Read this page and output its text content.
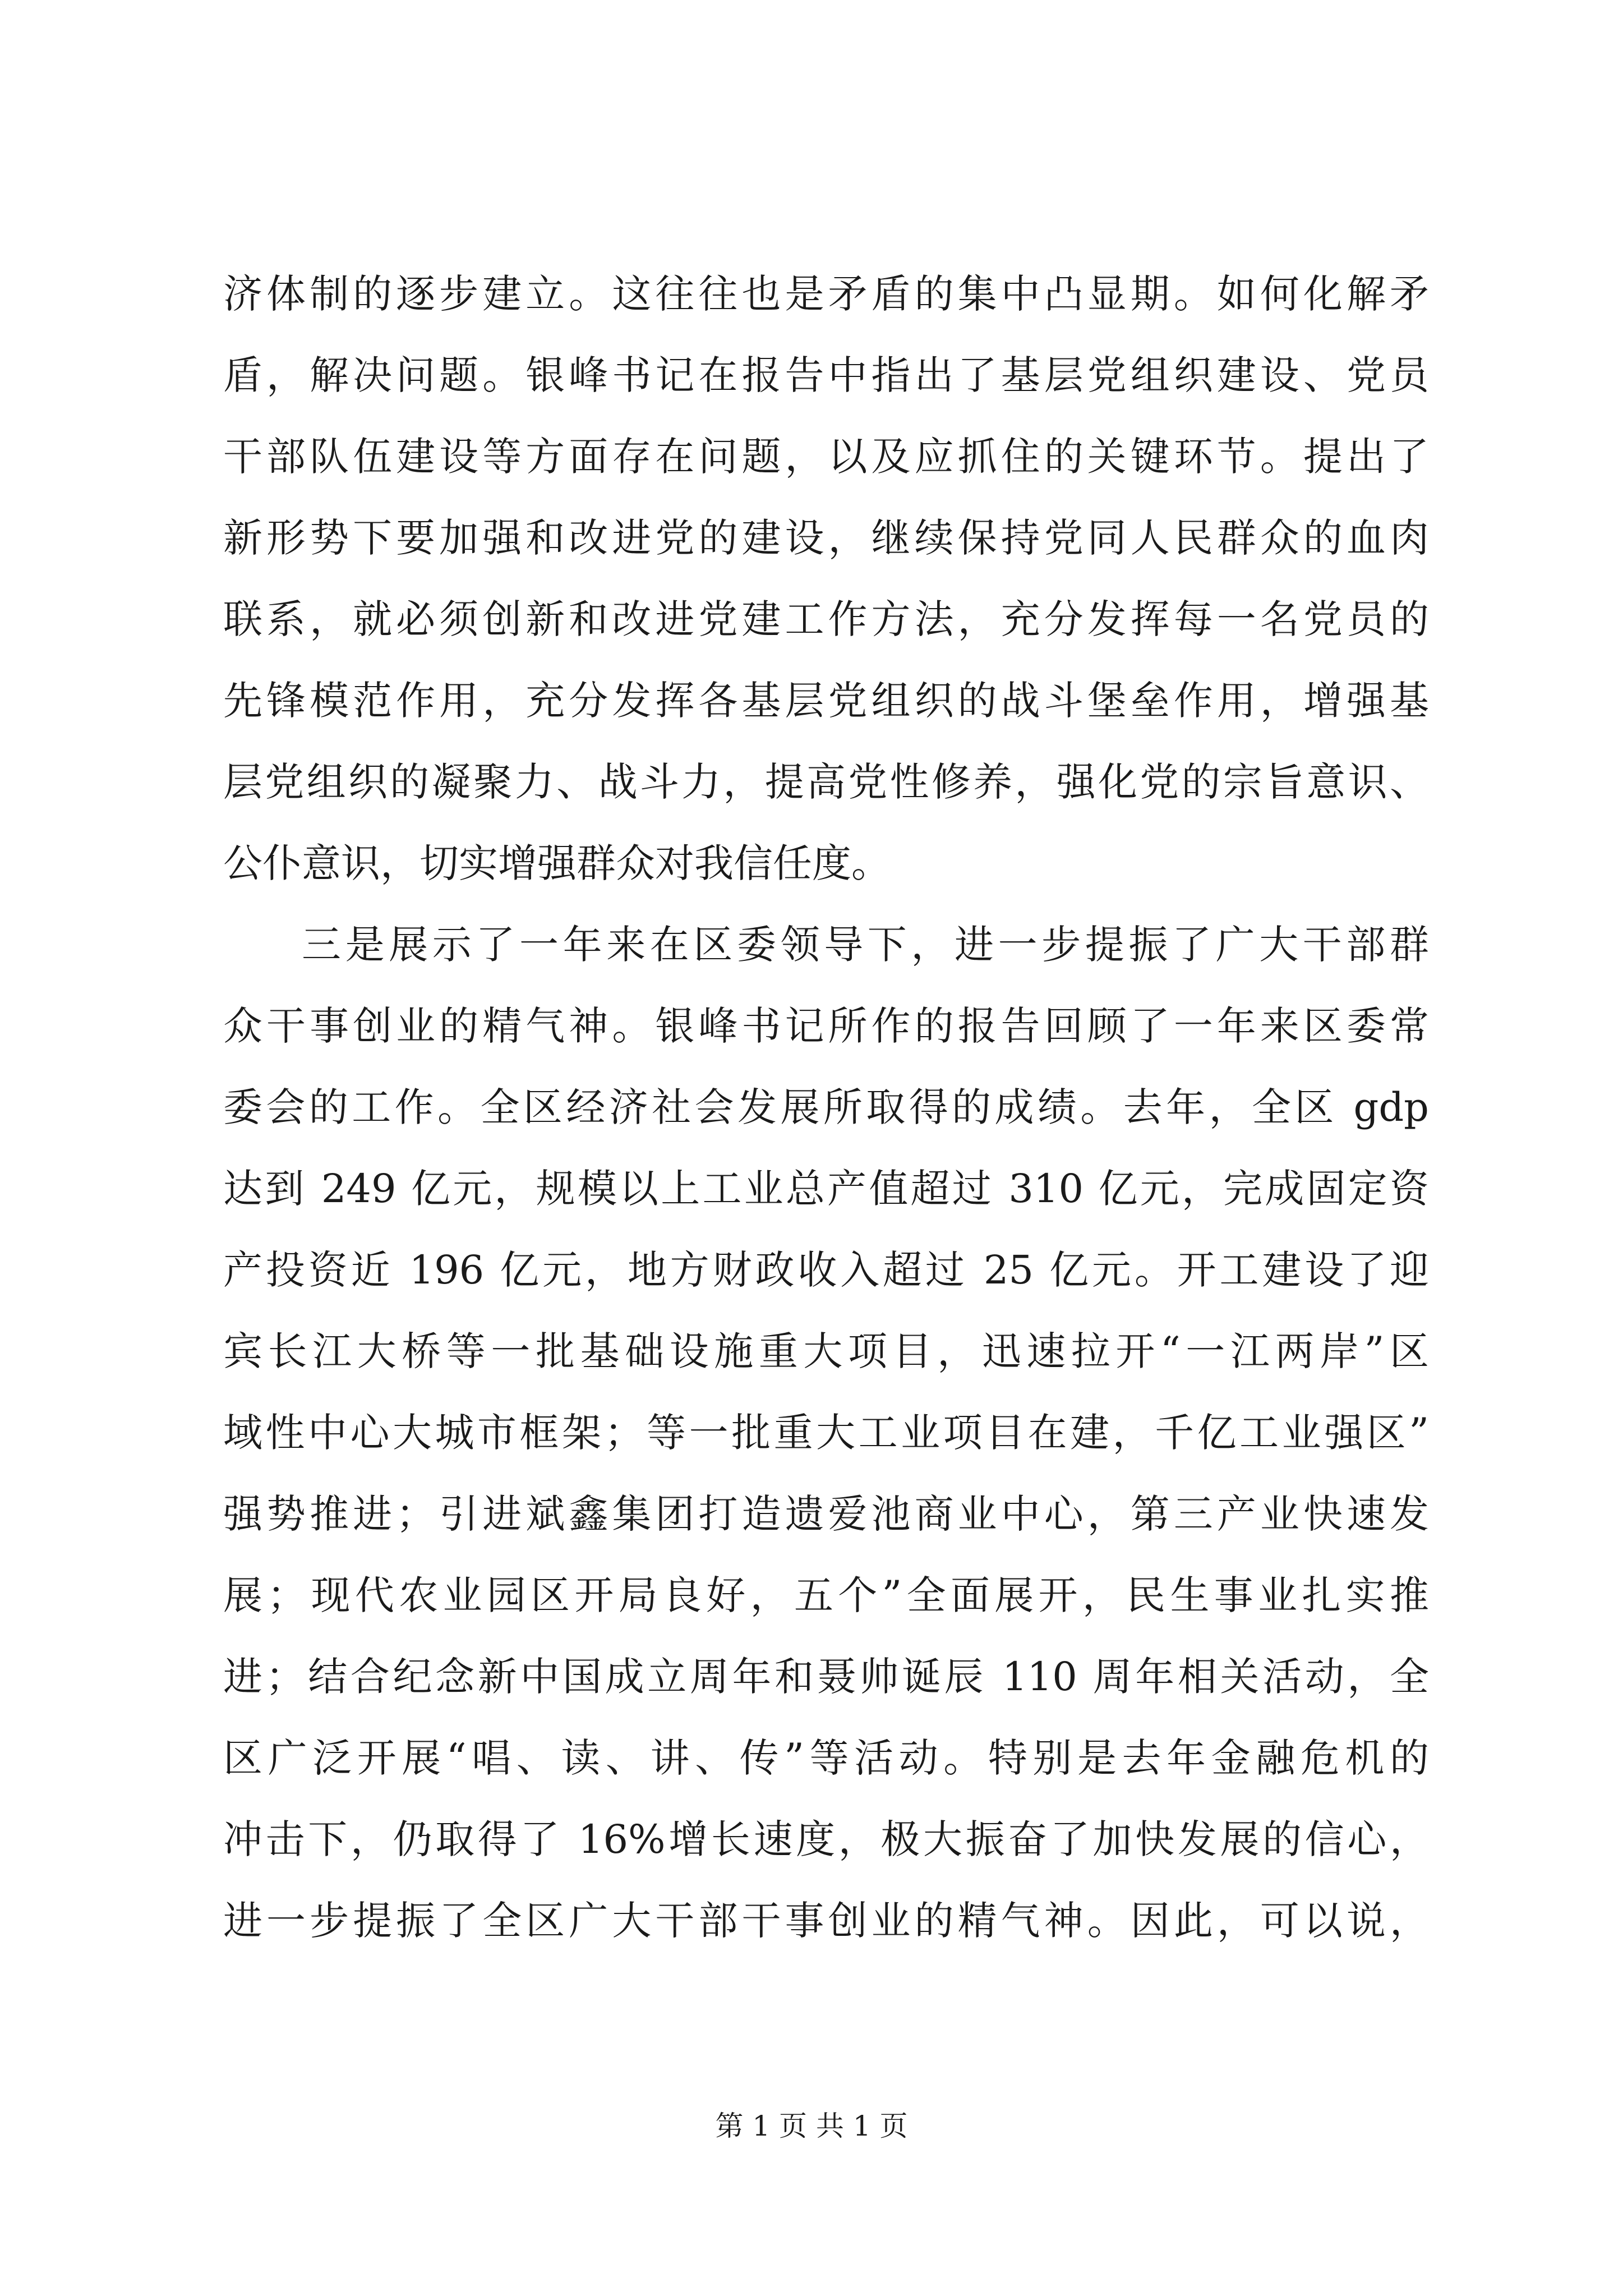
济体制的逐步建立。这往往也是矛盾的集中凸显期。如何化解矛
盾，解决问题。银峰书记在报告中指出了基层党组织建设、党员
干部队伍建设等方面存在问题，以及应抓住的关键环节。提出了
新形势下要加强和改进党的建设，继续保持党同人民群众的血肉
联系，就必须创新和改进党建工作方法，充分发挥每一名党员的
先锋模范作用，充分发挥各基层党组织的战斗堡垒作用，增强基
层党组织的凝聚力、战斗力，提高党性修养，强化党的宗旨意识、
公仆意识，切实增强群众对我信任度。
三是展示了一年来在区委领导下，进一步提振了广大干部群
众干事创业的精气神。银峰书记所作的报告回顾了一年来区委常
委会的工作。全区经济社会发展所取得的成绩。去年，全区 gdp
达到 249 亿元，规模以上工业总产值超过 310 亿元，完成固定资
产投资近 196 亿元，地方财政收入超过 25 亿元。开工建设了迎
宾长江大桥等一批基础设施重大项目，迅速拉开“一江两岸”区
域性中心大城市框架；等一批重大工业项目在建，千亿工业强区”
强势推进；引进斌鑫集团打造遗爱池商业中心，第三产业快速发
展；现代农业园区开局良好，五个”全面展开，民生事业扎实推
进；结合纪念新中国成立周年和聂帅诞辰 110 周年相关活动，全
区广泛开展“唱、读、讲、传”等活动。特别是去年金融危机的
冲击下，仍取得了 16%增长速度，极大振奋了加快发展的信心，
进一步提振了全区广大干部干事创业的精气神。因此，可以说，
第 1 页 共 1 页
